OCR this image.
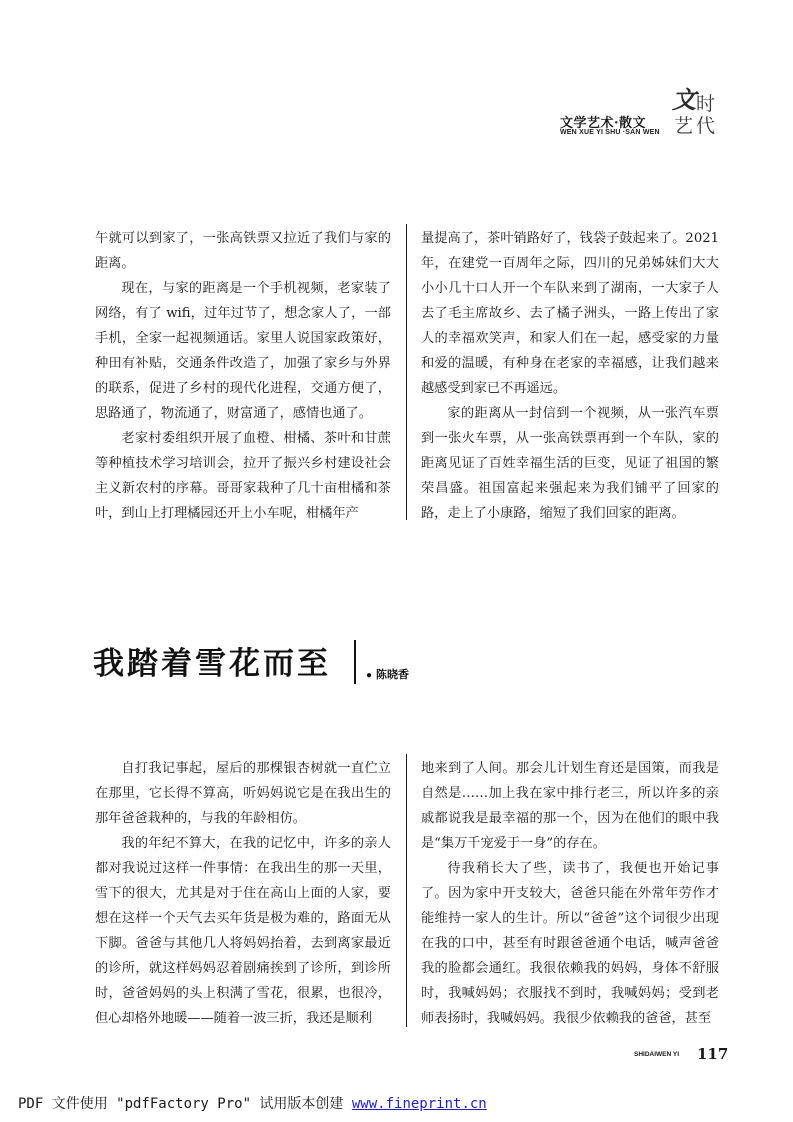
文学艺术·散文
WEN XUE YI SHU ·SAN WEN
文 时
艺 代

午就可以到家了，一张高铁票又拉近了我们与家的距离。

现在，与家的距离是一个手机视频，老家装了网络，有了 wifi，过年过节了，想念家人了，一部手机，全家一起视频通话。家里人说国家政策好，种田有补贴，交通条件改造了，加强了家乡与外界的联系，促进了乡村的现代化进程，交通方便了，思路通了，物流通了，财富通了，感情也通了。

老家村委组织开展了血橙、柑橘、茶叶和甘蔗等种植技术学习培训会，拉开了振兴乡村建设社会主义新农村的序幕。哥哥家栽种了几十亩柑橘和茶叶，到山上打理橘园还开上小车呢，柑橘年产

量提高了，茶叶销路好了，钱袋子鼓起来了。2021年，在建党一百周年之际，四川的兄弟姊妹们大大小小几十口人开一个车队来到了湖南，一大家子人去了毛主席故乡、去了橘子洲头，一路上传出了家人的幸福欢笑声，和家人们在一起，感受家的力量和爱的温暖，有种身在老家的幸福感，让我们越来越感受到家已不再遥远。

家的距离从一封信到一个视频，从一张汽车票到一张火车票，从一张高铁票再到一个车队，家的距离见证了百姓幸福生活的巨变，见证了祖国的繁荣昌盛。祖国富起来强起来为我们铺平了回家的路，走上了小康路，缩短了我们回家的距离。

我踏着雪花而至	● 陈晓香

自打我记事起，屋后的那棵银杏树就一直伫立在那里，它长得不算高，听妈妈说它是在我出生的那年爸爸栽种的，与我的年龄相仿。

我的年纪不算大，在我的记忆中，许多的亲人都对我说过这样一件事情：在我出生的那一天里，雪下的很大，尤其是对于住在高山上面的人家，要想在这样一个天气去买年货是极为难的，路面无从下脚。爸爸与其他几人将妈妈抬着，去到离家最近的诊所，就这样妈妈忍着剧痛挨到了诊所，到诊所时，爸爸妈妈的头上积满了雪花，很累，也很冷，但心却格外地暖——随着一波三折，我还是顺利

地来到了人间。那会儿计划生育还是国策，而我是自然是……加上我在家中排行老三，所以许多的亲戚都说我是最幸福的那一个，因为在他们的眼中我是“集万千宠爱于一身”的存在。

待我稍长大了些，读书了，我便也开始记事了。因为家中开支较大，爸爸只能在外常年劳作才能维持一家人的生计。所以“爸爸”这个词很少出现在我的口中，甚至有时跟爸爸通个电话，喊声爸爸我的脸都会通红。我很依赖我的妈妈，身体不舒服时，我喊妈妈；衣服找不到时，我喊妈妈；受到老师表扬时，我喊妈妈。我很少依赖我的爸爸，甚至

SHIDAIWEN YI 117
PDF 文件使用 "pdfFactory Pro" 试用版本创建 www.fineprint.cn
